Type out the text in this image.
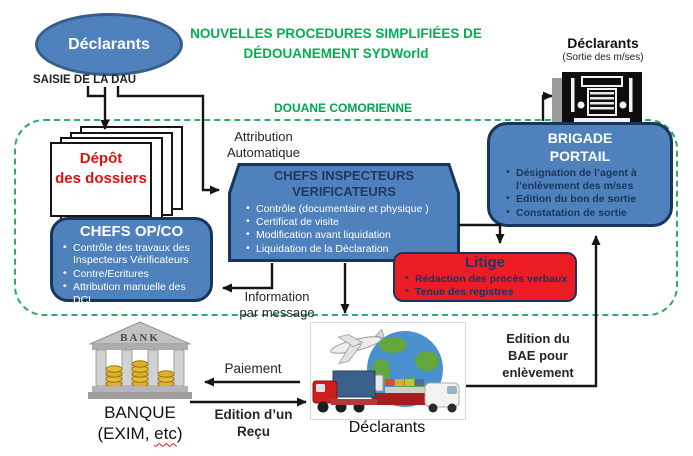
DOUANE COMORIENNE
Déclarants
NOUVELLES PROCEDURES SIMPLIFIÉES DE
DÉDOUANEMENT SYDWorld
SAISIE DE LA DAU
Déclarants
(Sortie des m/ses)
Dépôt
des dossiers
Attribution
Automatique
CHEFS OP/CO
• Contrôle des travaux des Inspecteurs Vérificateurs
• Contre/Ecritures
• Attribution manuelle des DCL
CHEFS INSPECTEURS
VERIFICATEURS
• Contrôle (documentaire et physique )
• Certificat de visite
• Modification avant liquidation
• Liquidation de la Déclaration
Litige
• Rédaction des procès verbaux
• Tenue des registres
BRIGADE
PORTAIL
• Désignation de l’agent à l’enlèvement des m/ses
• Edition du bon de sortie
• Constatation de sortie
Information
par message
Paiement
Edition d’un
Reçu
Edition du
BAE pour
enlèvement
BANK
BANQUE
(EXIM, etc)	Déclarants
